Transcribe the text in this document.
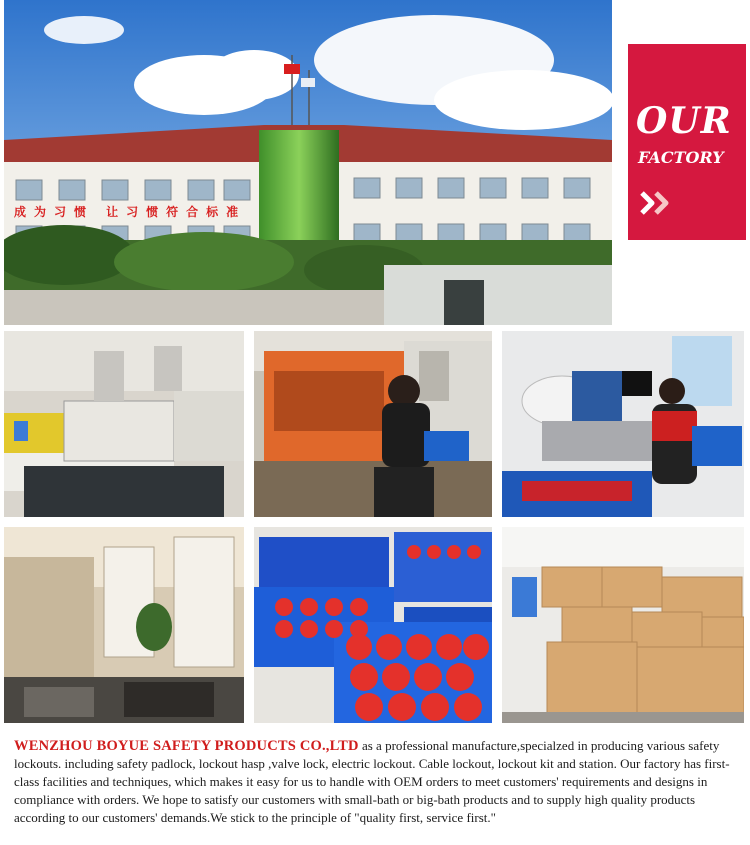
成为习惯 让习惯符合标准
OUR
FACTORY

WENZHOU BOYUE SAFETY PRODUCTS CO.,LTD as a professional manufacture,specialzed in producing various safety lockouts. including safety padlock, lockout hasp ,valve lock, electric lockout. Cable lockout, lockout kit and station. Our factory has first-class facilities and techniques, which makes it easy for us to handle with OEM orders to meet customers' requirements and designs in compliance with orders. We hope to satisfy our customers with small-bath or big-bath products and to supply high quality products according to our customers' demands.We stick to the principle of "quality first, service first."
